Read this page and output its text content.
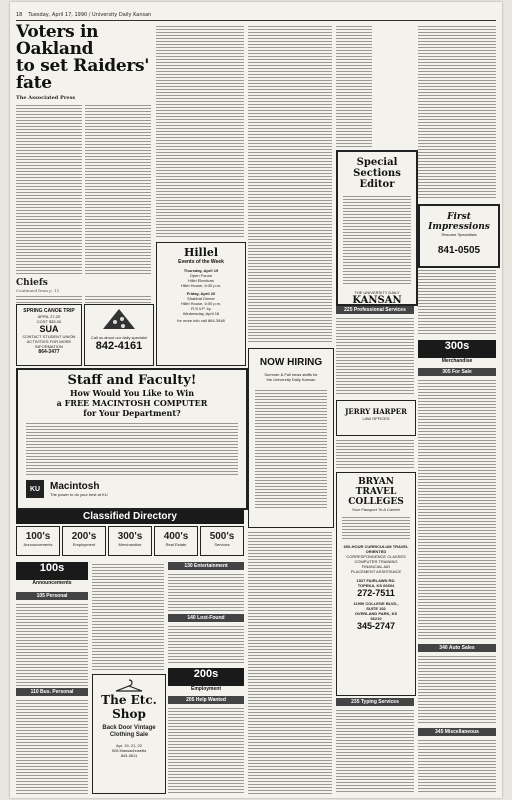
18 Tuesday, April 17, 1990 / University Daily Kansan
Voters in Oakland
to set Raiders' fate
The Associated Press
Chiefs
Continued from p. 11
SPRING CANOE TRIP
APRIL 27-29
COST $35.00
SUA
CONTACT STUDENT UNION ACTIVITIES FOR MORE INFORMATION
864-3477
Call us about our daily specials!
842-4161
Staff and Faculty!
How Would You Like to Win
a FREE MACINTOSH COMPUTER
for Your Department?
KU Macintosh
The power to do your best at KU
Classified Directory
100's
Announcements
200's
Employment
300's
Merchandise
400's
Real Estate
500's
Services
100s
Announcements
105 Personal
110 Bus. Personal
The Etc. Shop
Back Door Vintage Clothing Sale
Apr. 19, 21, 22
928 Massachusetts
843-0611
Hillel
Events of the Week
Thursday, April 19
Open Forum
Hillel Elections
Hillel House, 6:30 p.m.
Friday, April 20
Shabbat Dinner
Hillel House, 6:00 p.m.
R.S.V.P. by
Wednesday, April 18
for more info call 864-3948
130 Entertainment
140 Lost-Found
200s
Employment
205 Help Wanted
NOW HIRING
Summer & Fall news staffs for
the University Daily Kansan
Special Sections
Editor
THE UNIVERSITY DAILY
KANSAN
225 Professional Services
JERRY HARPER
LAW OFFICES
BRYAN TRAVEL
COLLEGES
Your Passport To A Career!
600-HOUR CURRICULUM TRAVEL ORIENTED
CORRESPONDENCE CLASSES
COMPUTER TRAINING
FINANCIAL AID
PLACEMENT ASSISTANCE
1527 FAIRLAWN RD.
TOPEKA, KS 66604
272-7511
11900 COLLEGE BLVD.,
SUITE 102
OVERLAND PARK, KS
66210
345-2747
235 Typing Services
First Impressions
Resume Specialists
841-0505
300s
Merchandise
305 For Sale
340 Auto Sales
345 Miscellaneous
